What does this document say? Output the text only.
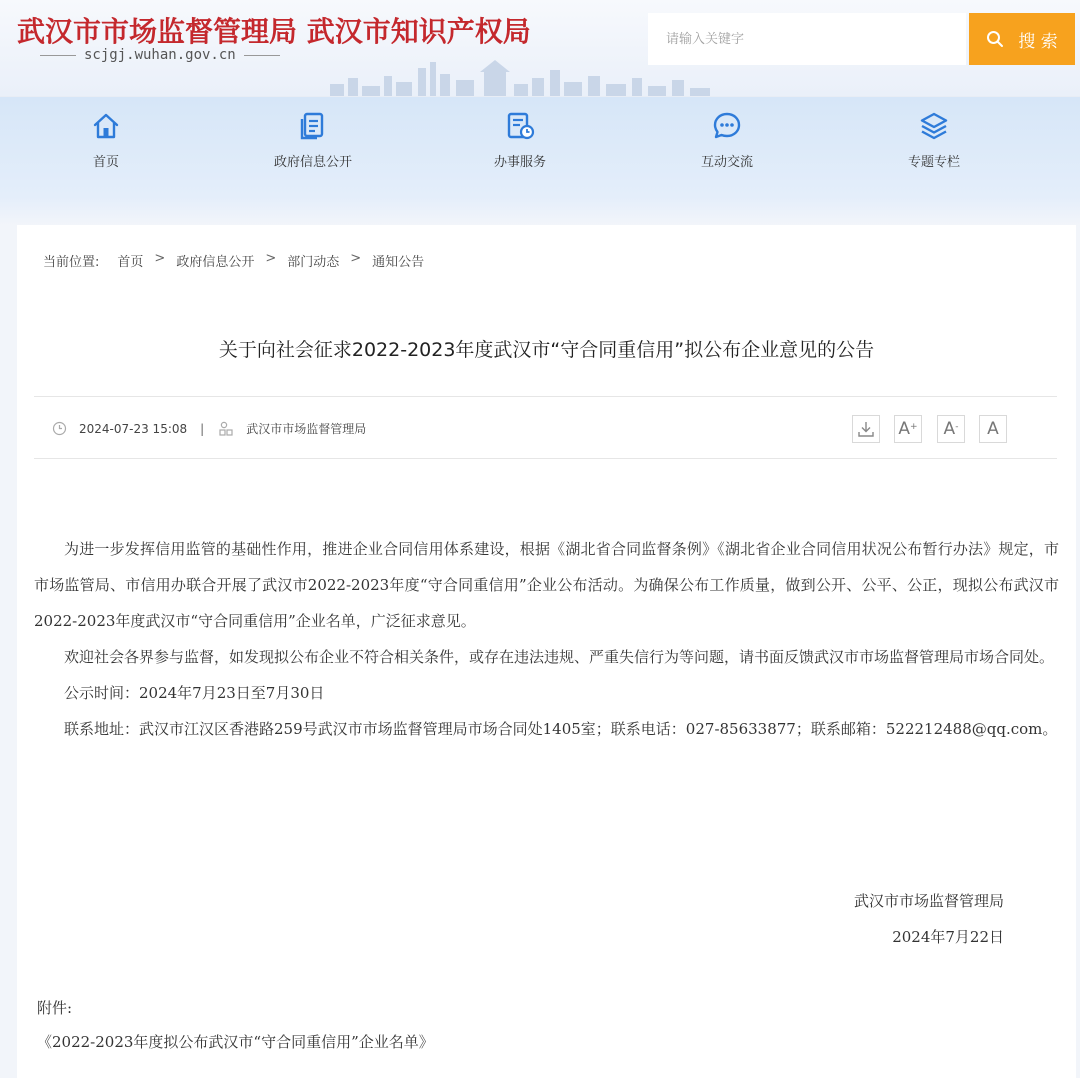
武汉市市场监督管理局 武汉市知识产权局
scjgj.wuhan.gov.cn
请输入关键字
搜 索
首页	政府信息公开	办事服务	互动交流	专题专栏
当前位置: 首页 > 政府信息公开 > 部门动态 > 通知公告
关于向社会征求2022-2023年度武汉市“守合同重信用”拟公布企业意见的公告
2024-07-23 15:08 |	武汉市市场监督管理局	A+ A- A

为进一步发挥信用监管的基础性作用，推进企业合同信用体系建设，根据《湖北省合同监督条例》《湖北省企业合同信用状况公布暂行办法》规定，市市场监管局、市信用办联合开展了武汉市2022-2023年度“守合同重信用”企业公布活动。为确保公布工作质量，做到公开、公平、公正，现拟公布武汉市2022-2023年度武汉市“守合同重信用”企业名单，广泛征求意见。

欢迎社会各界参与监督，如发现拟公布企业不符合相关条件，或存在违法违规、严重失信行为等问题，请书面反馈武汉市市场监督管理局市场合同处。

公示时间：2024年7月23日至7月30日

联系地址：武汉市江汉区香港路259号武汉市市场监督管理局市场合同处1405室；联系电话：027-85633877；联系邮箱：522212488@qq.com。

武汉市市场监督管理局
2024年7月22日
附件:
《2022-2023年度拟公布武汉市“守合同重信用”企业名单》
